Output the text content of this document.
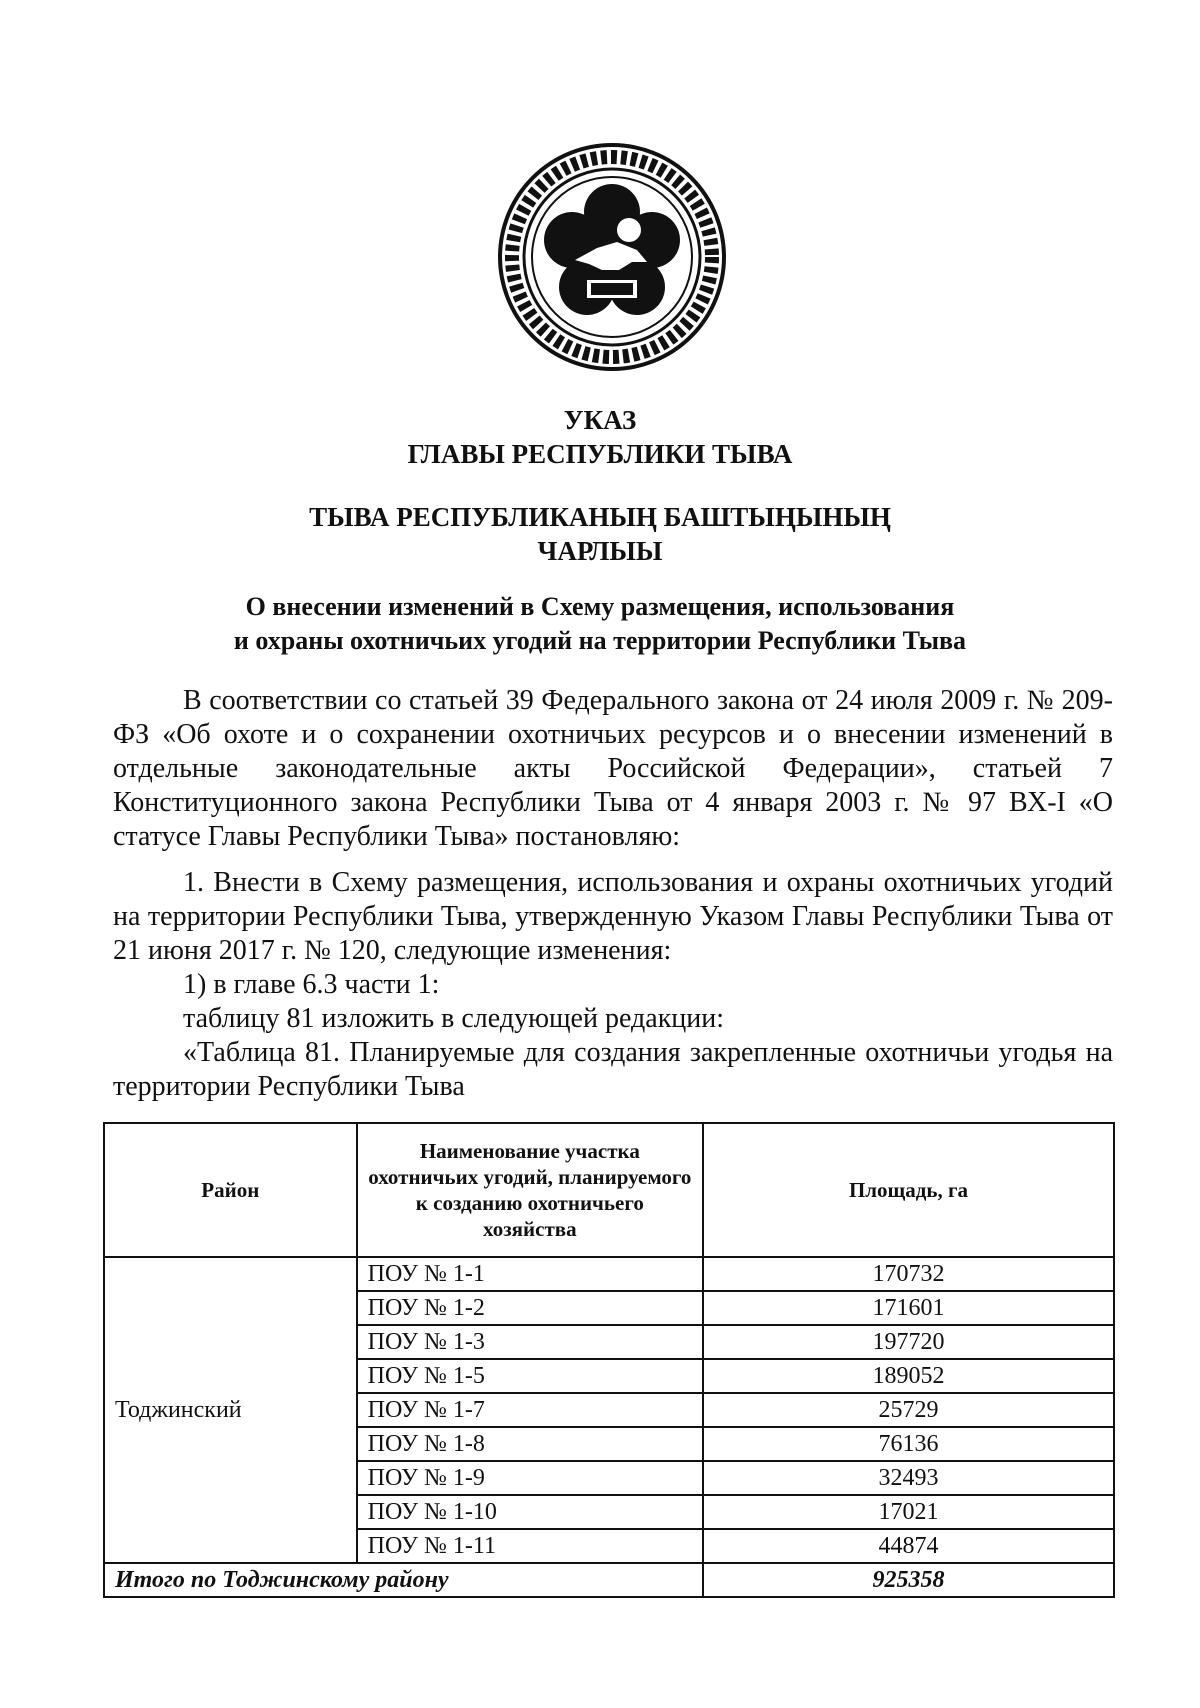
УКАЗ
ГЛАВЫ РЕСПУБЛИКИ ТЫВА
ТЫВА РЕСПУБЛИКАНЫҢ БАШТЫҢЫНЫҢ
ЧАРЛЫЫ
О внесении изменений в Схему размещения, использования
и охраны охотничьих угодий на территории Республики Тыва
В соответствии со статьей 39 Федерального закона от 24 июля 2009 г. № 209-ФЗ «Об охоте и о сохранении охотничьих ресурсов и о внесении изменений в отдельные законодательные акты Российской Федерации», статьей 7 Конституционного закона Республики Тыва от 4 января 2003 г. № 97 ВХ-I «О статусе Главы Республики Тыва» постановляю:

1. Внести в Схему размещения, использования и охраны охотничьих угодий на территории Республики Тыва, утвержденную Указом Главы Республики Тыва от 21 июня 2017 г. № 120, следующие изменения:

1) в главе 6.3 части 1:

таблицу 81 изложить в следующей редакции:

«Таблица 81. Планируемые для создания закрепленные охотничьи угодья на территории Республики Тыва

Район	Наименование участка охотничьих угодий, планируемого к созданию охотничьего хозяйства	Площадь, га
Тоджинский	ПОУ № 1-1	170732
	ПОУ № 1-2	171601
	ПОУ № 1-3	197720
	ПОУ № 1-5	189052
	ПОУ № 1-7	25729
	ПОУ № 1-8	76136
	ПОУ № 1-9	32493
	ПОУ № 1-10	17021
	ПОУ № 1-11	44874
Итого по Тоджинскому району		925358
